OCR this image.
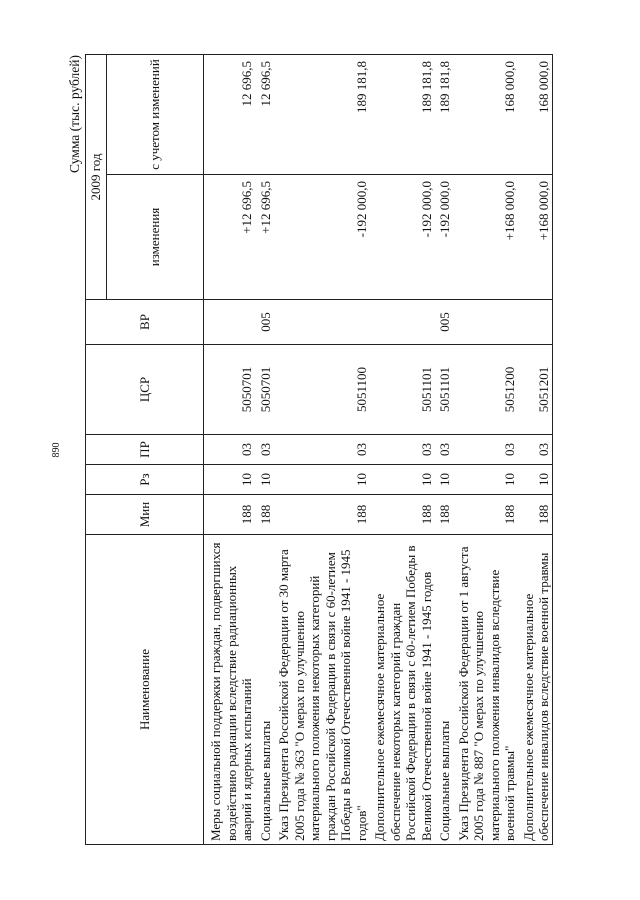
890
Сумма (тыс. рублей)
Наименование	Мин	Рз	ПР	ЦСР	ВР	2009 год	
						изменения	с учетом изменений
Меры социальной поддержки граждан, подвергшихся воздействию радиации вследствие радиационных аварий и ядерных испытаний	188	10	03	5050701		+12 696,5	12 696,5
Социальные выплаты	188	10	03	5050701	005	+12 696,5	12 696,5
Указ Президента Российской Федерации от 30 марта 2005 года № 363 "О мерах по улучшению материального положения некоторых категорий граждан Российской Федерации в связи с 60-летием Победы в Великой Отечественной войне 1941 - 1945 годов"	188	10	03	5051100		-192 000,0	189 181,8
Дополнительное ежемесячное материальное обеспечение некоторых категорий граждан Российской Федерации в связи с 60-летием Победы в Великой Отечественной войне 1941 - 1945 годов	188	10	03	5051101		-192 000,0	189 181,8
Социальные выплаты	188	10	03	5051101	005	-192 000,0	189 181,8
Указ Президента Российской Федерации от 1 августа 2005 года № 887 "О мерах по улучшению материального положения инвалидов вследствие военной травмы"	188	10	03	5051200		+168 000,0	168 000,0
Дополнительное ежемесячное материальное обеспечение инвалидов вследствие военной травмы	188	10	03	5051201		+168 000,0	168 000,0
